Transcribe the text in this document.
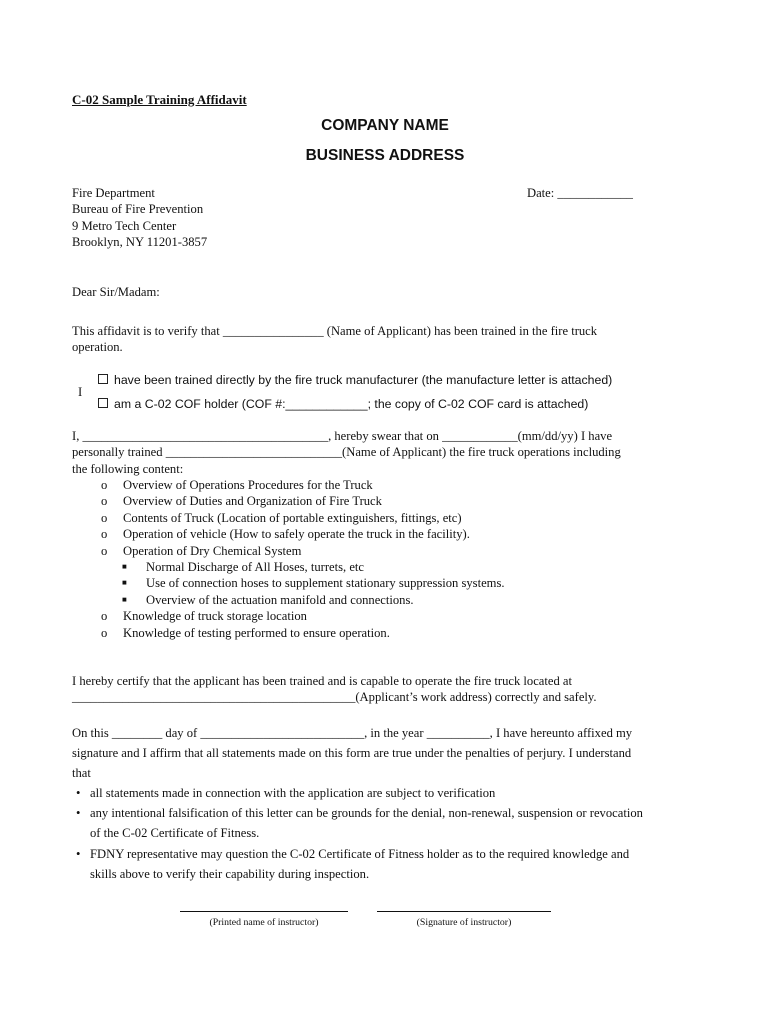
C-02 Sample Training Affidavit
COMPANY NAME
BUSINESS ADDRESS
Fire Department
Bureau of Fire Prevention
9 Metro Tech Center
Brooklyn, NY 11201-3857
Date: ____________
Dear Sir/Madam:
This affidavit is to verify that ________________ (Name of Applicant) has been trained in the fire truck
operation.
I
have been trained directly by the fire truck manufacturer (the manufacture letter is attached)
am a C-02 COF holder (COF #:____________; the copy of C-02 COF card is attached)
I, _______________________________________, hereby swear that on ____________(mm/dd/yy) I have
personally trained ____________________________(Name of Applicant) the fire truck operations including
the following content:
o Overview of Operations Procedures for the Truck
o Overview of Duties and Organization of Fire Truck
o Contents of Truck (Location of portable extinguishers, fittings, etc)
o Operation of vehicle (How to safely operate the truck in the facility).
o Operation of Dry Chemical System
■ Normal Discharge of All Hoses, turrets, etc
■ Use of connection hoses to supplement stationary suppression systems.
■ Overview of the actuation manifold and connections.
o Knowledge of truck storage location
o Knowledge of testing performed to ensure operation.
I hereby certify that the applicant has been trained and is capable to operate the fire truck located at
_____________________________________________(Applicant’s work address) correctly and safely.
On this ________ day of __________________________, in the year __________, I have hereunto affixed my
signature and I affirm that all statements made on this form are true under the penalties of perjury. I understand
that
• all statements made in connection with the application are subject to verification
• any intentional falsification of this letter can be grounds for the denial, non-renewal, suspension or revocation
of the C-02 Certificate of Fitness.
• FDNY representative may question the C-02 Certificate of Fitness holder as to the required knowledge and
skills above to verify their capability during inspection.
(Printed name of instructor)	(Signature of instructor)
